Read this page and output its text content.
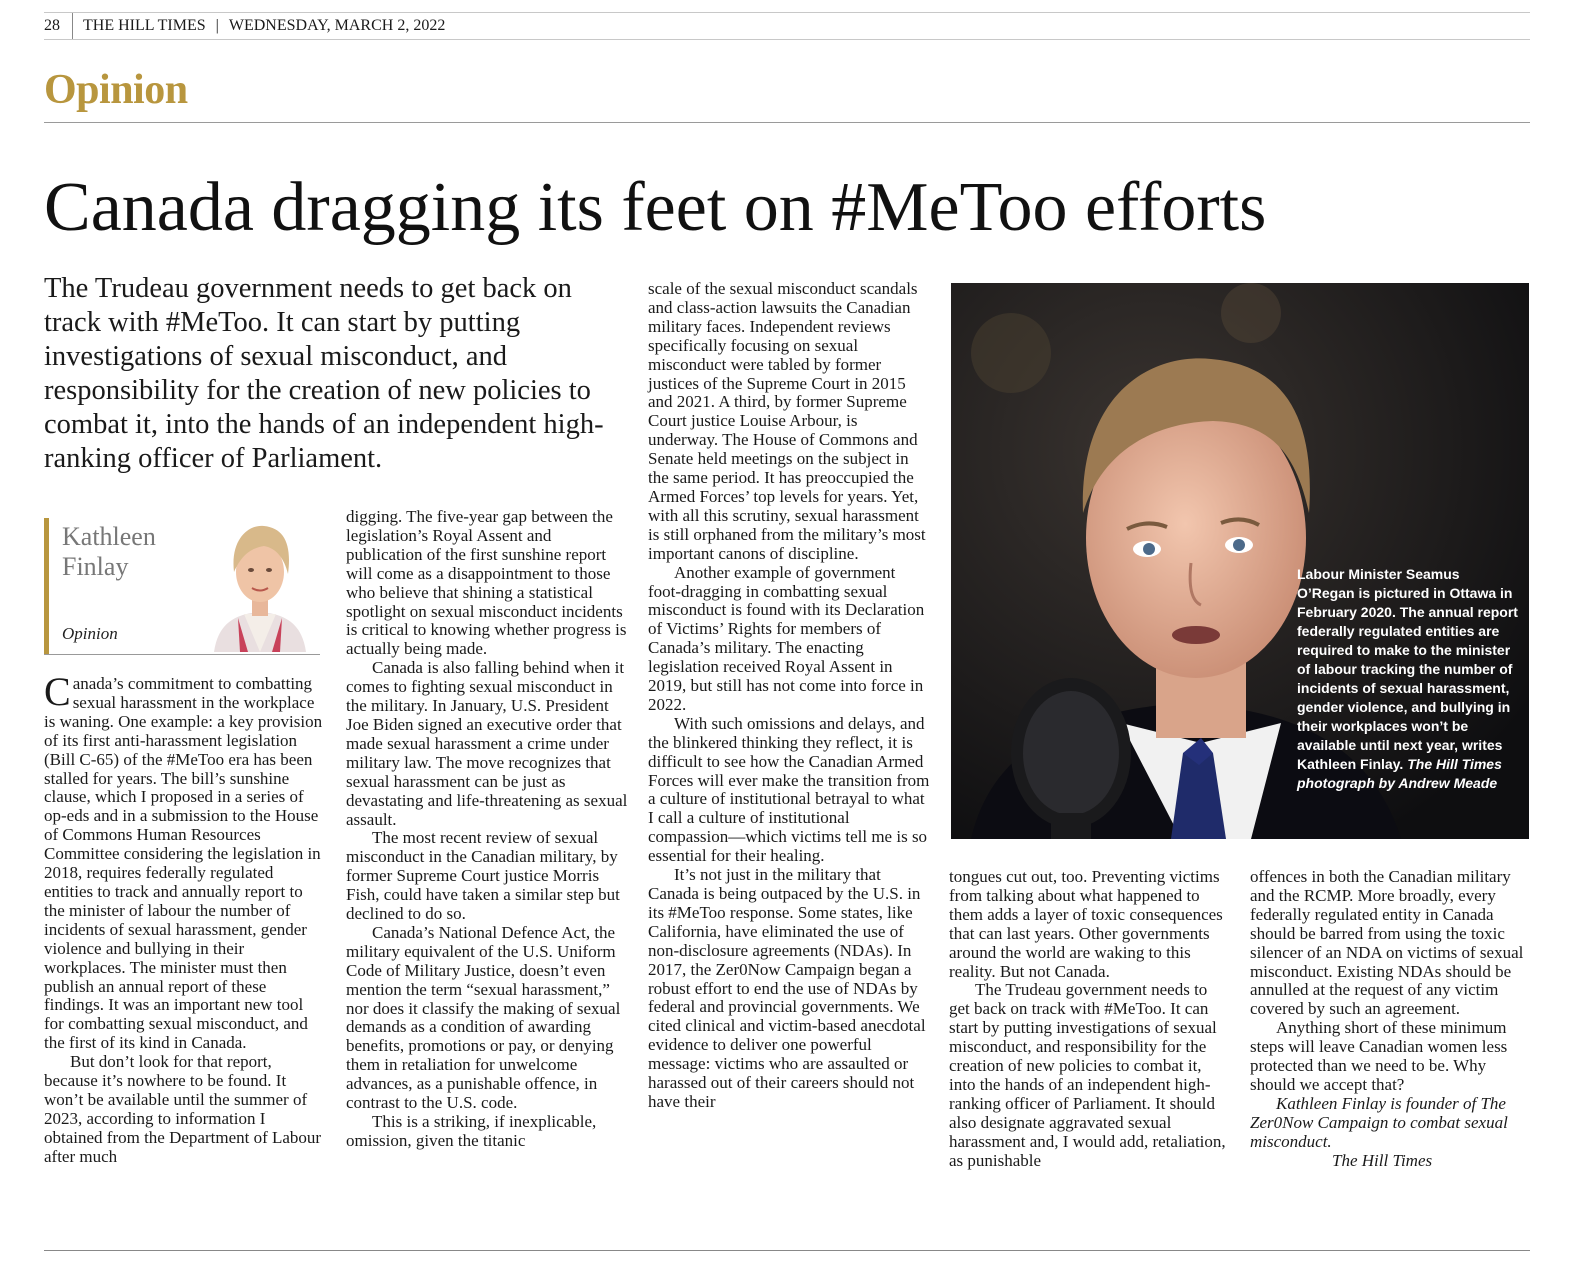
28 THE HILL TIMES | WEDNESDAY, MARCH 2, 2022
Opinion
Canada dragging its feet on #MeToo efforts
The Trudeau government needs to get back on track with #MeToo. It can start by putting investigations of sexual misconduct, and responsibility for the creation of new policies to combat it, into the hands of an independent high-ranking officer of Parliament.
Kathleen Finlay
Opinion

Canada’s commitment to combatting sexual harassment in the workplace is waning. One example: a key provision of its first anti-harassment legislation (Bill C-65) of the #MeToo era has been stalled for years. The bill’s sunshine clause, which I proposed in a series of op-eds and in a submission to the House of Commons Human Resources Committee considering the legislation in 2018, requires federally regulated entities to track and annually report to the minister of labour the number of incidents of sexual harassment, gender violence and bullying in their workplaces. The minister must then publish an annual report of these findings. It was an important new tool for combatting sexual misconduct, and the first of its kind in Canada.

But don’t look for that report, because it’s nowhere to be found. It won’t be available until the summer of 2023, according to information I obtained from the Department of Labour after much

digging. The five-year gap between the legislation’s Royal Assent and publication of the first sunshine report will come as a disappointment to those who believe that shining a statistical spotlight on sexual misconduct incidents is critical to knowing whether progress is actually being made.

Canada is also falling behind when it comes to fighting sexual misconduct in the military. In January, U.S. President Joe Biden signed an executive order that made sexual harassment a crime under military law. The move recognizes that sexual harassment can be just as devastating and life-threatening as sexual assault.

The most recent review of sexual misconduct in the Canadian military, by former Supreme Court justice Morris Fish, could have taken a similar step but declined to do so.

Canada’s National Defence Act, the military equivalent of the U.S. Uniform Code of Military Justice, doesn’t even mention the term “sexual harassment,” nor does it classify the making of sexual demands as a condition of awarding benefits, promotions or pay, or denying them in retaliation for unwelcome advances, as a punishable offence, in contrast to the U.S. code.

This is a striking, if inexplicable, omission, given the titanic

scale of the sexual misconduct scandals and class-action lawsuits the Canadian military faces. Independent reviews specifically focusing on sexual misconduct were tabled by former justices of the Supreme Court in 2015 and 2021. A third, by former Supreme Court justice Louise Arbour, is underway. The House of Commons and Senate held meetings on the subject in the same period. It has preoccupied the Armed Forces’ top levels for years. Yet, with all this scrutiny, sexual harassment is still orphaned from the military’s most important canons of discipline.

Another example of government foot-dragging in combatting sexual misconduct is found with its Declaration of Victims’ Rights for members of Canada’s military. The enacting legislation received Royal Assent in 2019, but still has not come into force in 2022.

With such omissions and delays, and the blinkered thinking they reflect, it is difficult to see how the Canadian Armed Forces will ever make the transition from a culture of institutional betrayal to what I call a culture of institutional compassion—which victims tell me is so essential for their healing.

It’s not just in the military that Canada is being outpaced by the U.S. in its #MeToo response. Some states, like California, have eliminated the use of non-disclosure agreements (NDAs). In 2017, the Zer0Now Campaign began a robust effort to end the use of NDAs by federal and provincial governments. We cited clinical and victim-based anecdotal evidence to deliver one powerful message: victims who are assaulted or harassed out of their careers should not have their

Labour Minister Seamus O’Regan is pictured in Ottawa in February 2020. The annual report federally regulated entities are required to make to the minister of labour tracking the number of incidents of sexual harassment, gender violence, and bullying in their workplaces won’t be available until next year, writes Kathleen Finlay. The Hill Times photograph by Andrew Meade

tongues cut out, too. Preventing victims from talking about what happened to them adds a layer of toxic consequences that can last years. Other governments around the world are waking to this reality. But not Canada.

The Trudeau government needs to get back on track with #MeToo. It can start by putting investigations of sexual misconduct, and responsibility for the creation of new policies to combat it, into the hands of an independent high-ranking officer of Parliament. It should also designate aggravated sexual harassment and, I would add, retaliation, as punishable

offences in both the Canadian military and the RCMP. More broadly, every federally regulated entity in Canada should be barred from using the toxic silencer of an NDA on victims of sexual misconduct. Existing NDAs should be annulled at the request of any victim covered by such an agreement.

Anything short of these minimum steps will leave Canadian women less protected than we need to be. Why should we accept that?

Kathleen Finlay is founder of The Zer0Now Campaign to combat sexual misconduct.

The Hill Times
